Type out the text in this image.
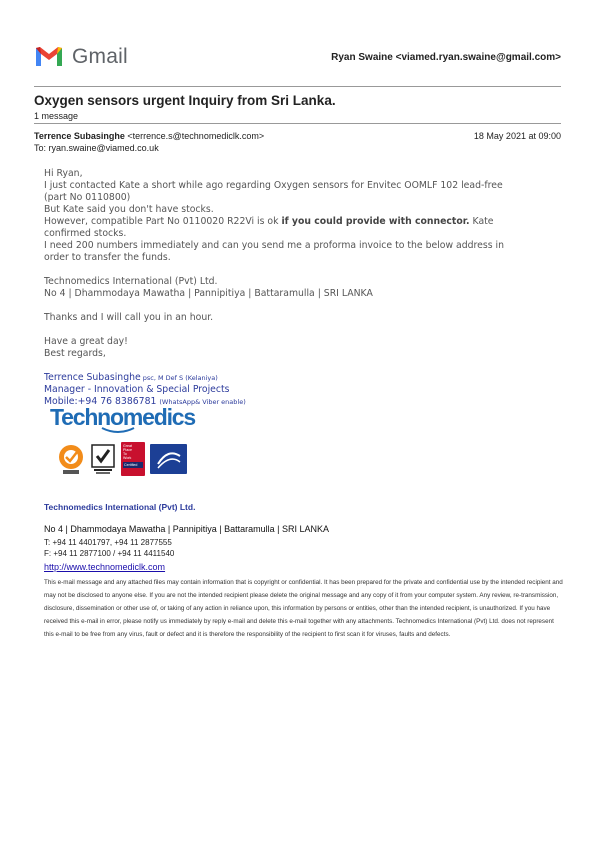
Gmail	Ryan Swaine <viamed.ryan.swaine@gmail.com>
Oxygen sensors urgent Inquiry from Sri Lanka.
1 message
Terrence Subasinghe <terrence.s@technomediclk.com>	18 May 2021 at 09:00
To: ryan.swaine@viamed.co.uk
Hi Ryan,
I just contacted Kate a short while ago regarding Oxygen sensors for Envitec OOMLF 102 lead-free
(part No 0110800)
But Kate said you don't have stocks.
However, compatible Part No 0110020 R22Vi is ok if you could provide with connector. Kate
confirmed stocks.
I need 200 numbers immediately and can you send me a proforma invoice to the below address in
order to transfer the funds.
Technomedics International (Pvt) Ltd.
No 4 | Dhammodaya Mawatha | Pannipitiya | Battaramulla | SRI LANKA
Thanks and I will call you in an hour.
Have a great day!
Best regards,
Terrence Subasinghe psc, M Def S (Kelaniya)
Manager - Innovation & Special Projects
Mobile:+94 76 8386781 (WhatsApp& Viber enable)
Technomedics
Great
Place
To
Work
Certified
Technomedics International (Pvt) Ltd.
No 4 | Dhammodaya Mawatha | Pannipitiya | Battaramulla | SRI LANKA
T: +94 11 4401797, +94 11 2877555
F: +94 11 2877100 / +94 11 4411540
http://www.technomediclk.com
This e-mail message and any attached files may contain information that is copyright or confidential. It has been prepared for the private and confidential use by the intended recipient and may not be disclosed to anyone else. If you are not the intended recipient please delete the original message and any copy of it from your computer system. Any review, re-transmission, disclosure, dissemination or other use of, or taking of any action in reliance upon, this information by persons or entities, other than the intended recipient, is unauthorized. If you have received this e-mail in error, please notify us immediately by reply e-mail and delete this e-mail together with any attachments. Technomedics International (Pvt) Ltd. does not represent this e-mail to be free from any virus, fault or defect and it is therefore the responsibility of the recipient to first scan it for viruses, faults and defects.
